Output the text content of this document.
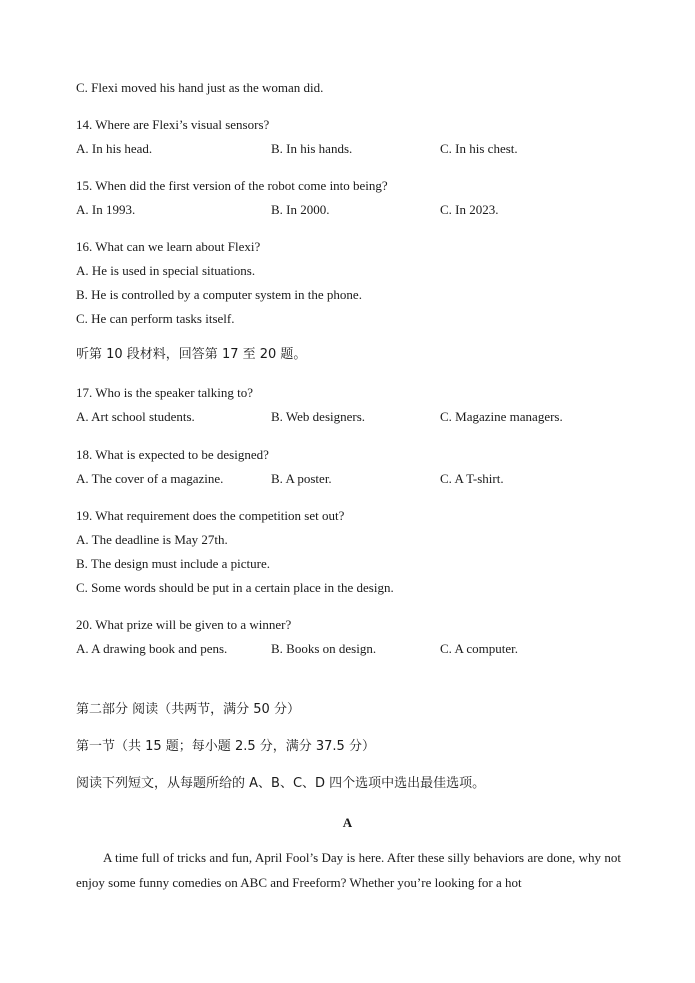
C. Flexi moved his hand just as the woman did.
14. Where are Flexi’s visual sensors?
A. In his head.	B. In his hands.	C. In his chest.
15. When did the first version of the robot come into being?
A. In 1993.	B. In 2000.	C. In 2023.
16. What can we learn about Flexi?
A. He is used in special situations.
B. He is controlled by a computer system in the phone.
C. He can perform tasks itself.
听第 10 段材料，回答第 17 至 20 题。
17. Who is the speaker talking to?
A. Art school students.	B. Web designers.	C. Magazine managers.
18. What is expected to be designed?
A. The cover of a magazine.	B. A poster.	C. A T-shirt.
19. What requirement does the competition set out?
A. The deadline is May 27th.
B. The design must include a picture.
C. Some words should be put in a certain place in the design.
20. What prize will be given to a winner?
A. A drawing book and pens.	B. Books on design.	C. A computer.
第二部分 阅读（共两节，满分 50 分）
第一节（共 15 题；每小题 2.5 分，满分 37.5 分）
阅读下列短文，从每题所给的 A、B、C、D 四个选项中选出最佳选项。
A
A time full of tricks and fun, April Fool’s Day is here. After these silly behaviors are done, why not enjoy some funny comedies on ABC and Freeform? Whether you’re looking for a hot
